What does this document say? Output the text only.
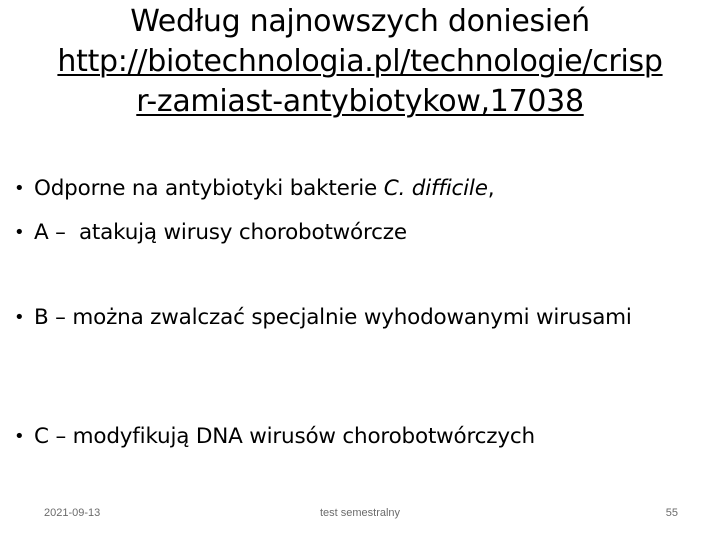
Według najnowszych doniesień
http://biotechnologia.pl/technologie/crisp
r-zamiast-antybiotykow,17038
• Odporne na antybiotyki bakterie C. difficile,
• A –  atakują wirusy chorobotwórcze
• B – można zwalczać specjalnie wyhodowanymi wirusami
• C – modyfikują DNA wirusów chorobotwórczych
2021-09-13	test semestralny	55
